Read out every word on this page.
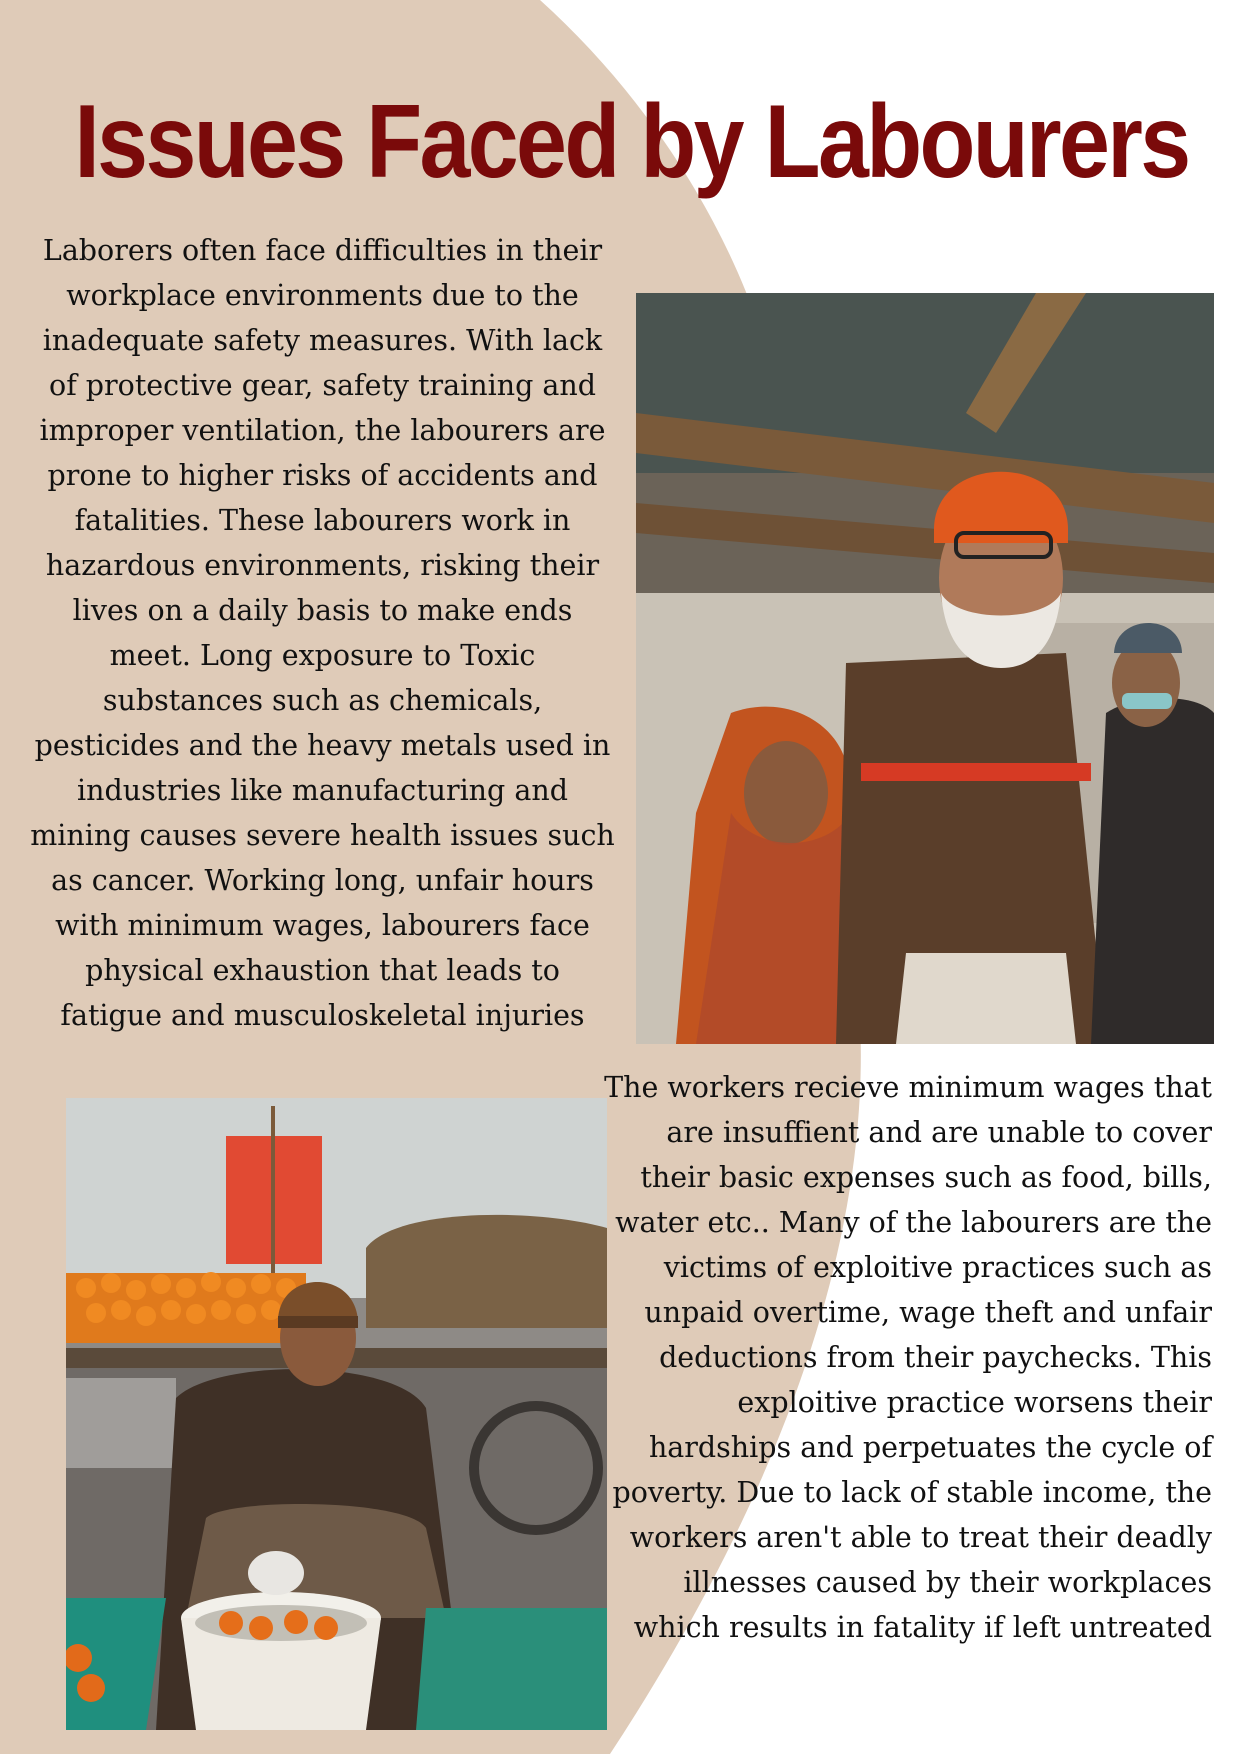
Issues Faced by Labourers

Laborers often face difficulties in their workplace environments due to the inadequate safety measures. With lack of protective gear, safety training and improper ventilation, the labourers are prone to higher risks of accidents and fatalities. These labourers work in hazardous environments, risking their lives on a daily basis to make ends meet. Long exposure to Toxic substances such as chemicals, pesticides and the heavy metals used in industries like manufacturing and mining causes severe health issues such as cancer. Working long, unfair hours with minimum wages, labourers face physical exhaustion that leads to fatigue and musculoskeletal injuries

The workers recieve minimum wages that are insuffient and are unable to cover their basic expenses such as food, bills, water etc.. Many of the labourers are the victims of exploitive practices such as unpaid overtime, wage theft and unfair deductions from their paychecks. This exploitive practice worsens their hardships and perpetuates the cycle of poverty. Due to lack of stable income, the workers aren't able to treat their deadly illnesses caused by their workplaces which results in fatality if left untreated
